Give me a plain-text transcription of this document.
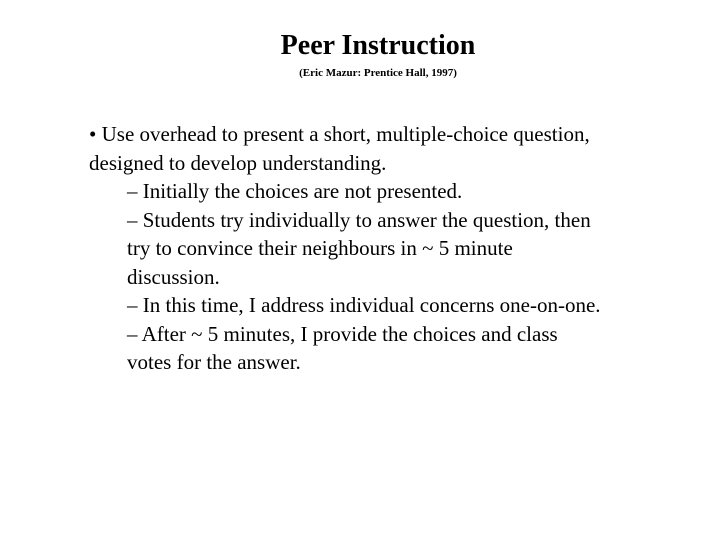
Peer Instruction
(Eric Mazur: Prentice Hall, 1997)

• Use overhead to present a short, multiple-choice question, designed to develop understanding.

– Initially the choices are not presented.

– Students try individually to answer the question, then try to convince their neighbours in ~ 5 minute discussion.

– In this time, I address individual concerns one-on-one.

– After ~ 5 minutes, I provide the choices and class votes for the answer.
